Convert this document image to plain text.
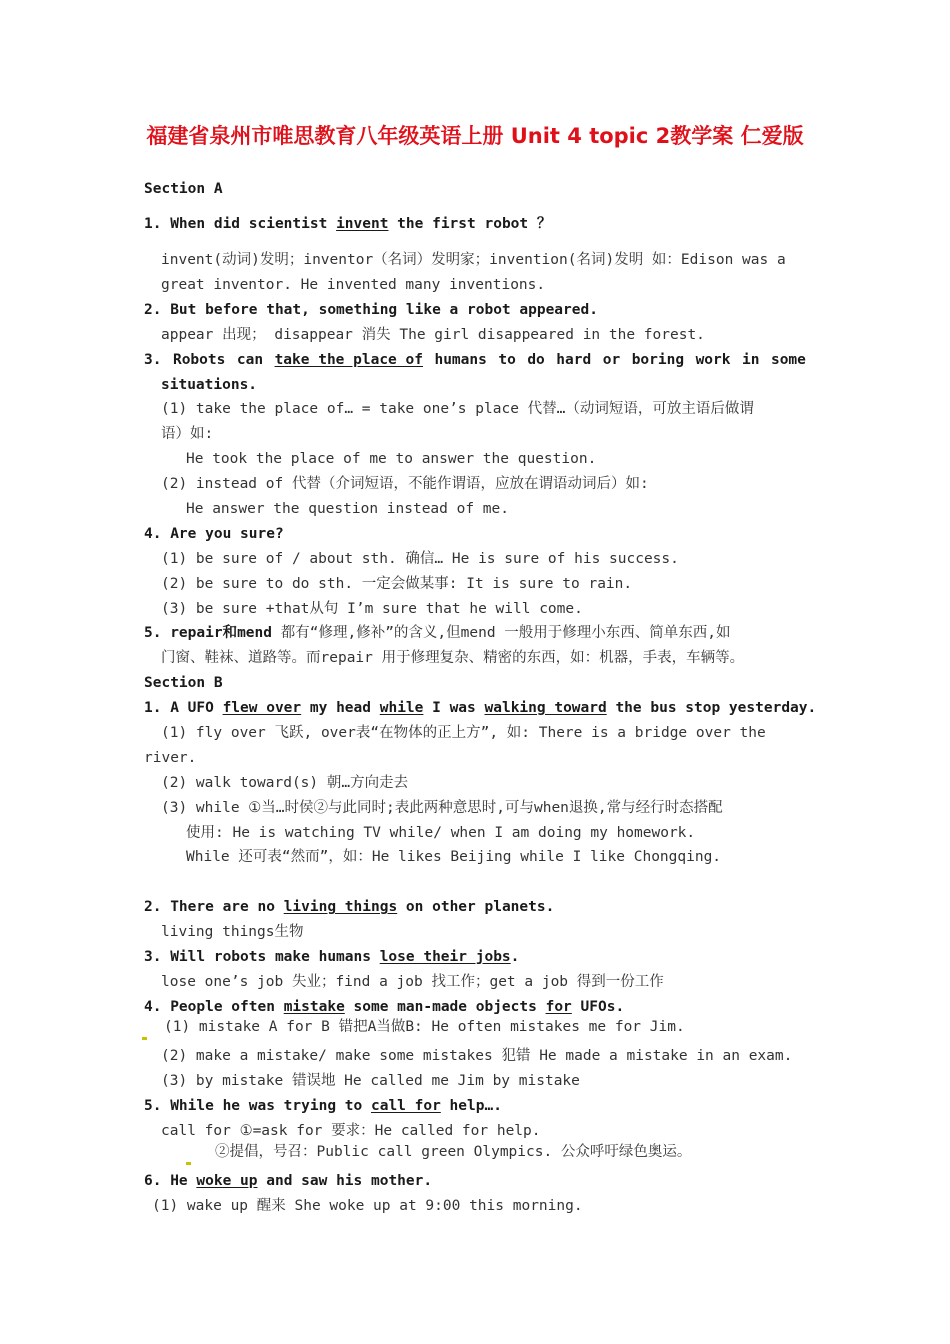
福建省泉州市唯思教育八年级英语上册 Unit 4 topic 2教学案 仁爱版
Section A
1. When did scientist invent the first robot ？
invent(动词)发明；inventor（名词）发明家；invention(名词)发明 如：Edison was a
great inventor. He invented many inventions.
2. But before that, something like a robot appeared.
appear 出现； disappear 消失 The girl disappeared in the forest.
3. Robots can take the place of humans to do hard or boring work in some
situations.
(1) take the place of… = take one’s place 代替…（动词短语，可放主语后做谓
语）如:
He took the place of me to answer the question.
(2) instead of 代替（介词短语，不能作谓语，应放在谓语动词后）如:
He answer the question instead of me.
4. Are you sure?
(1) be sure of / about sth. 确信… He is sure of his success.
(2) be sure to do sth. 一定会做某事: It is sure to rain.
(3) be sure +that从句 I’m sure that he will come.
5. repair和mend 都有“修理,修补”的含义,但mend 一般用于修理小东西、简单东西,如
门窗、鞋袜、道路等。而repair 用于修理复杂、精密的东西，如：机器，手表，车辆等。
Section B
1. A UFO flew over my head while I was walking toward the bus stop yesterday.
(1) fly over 飞跃, over表“在物体的正上方”, 如: There is a bridge over the
river.
(2) walk toward(s) 朝…方向走去
(3) while ①当…时侯②与此同时;表此两种意思时,可与when退换,常与经行时态搭配
使用: He is watching TV while/ when I am doing my homework.
While 还可表“然而”，如：He likes Beijing while I like Chongqing.
2. There are no living things on other planets.
living things生物
3. Will robots make humans lose their jobs.
lose one’s job 失业；find a job 找工作；get a job 得到一份工作
4. People often mistake some man-made objects for UFOs.
(1) mistake A for B 错把A当做B: He often mistakes me for Jim.
(2) make a mistake/ make some mistakes 犯错 He made a mistake in an exam.
(3) by mistake 错误地 He called me Jim by mistake
5. While he was trying to call for help….
call for ①=ask for 要求：He called for help.
②提倡，号召：Public call green Olympics. 公众呼吁绿色奥运。
6. He woke up and saw his mother.
(1) wake up 醒来 She woke up at 9:00 this morning.
